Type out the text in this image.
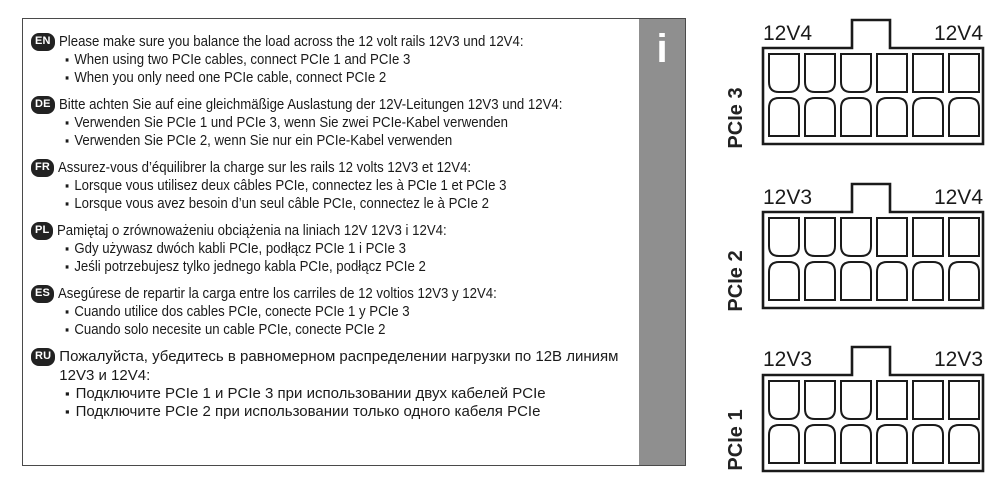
EN Please make sure you balance the load across the 12 volt rails 12V3 und 12V4:
▪ When using two PCIe cables, connect PCIe 1 and PCIe 3
▪ When you only need one PCIe cable, connect PCIe 2
DE Bitte achten Sie auf eine gleichmäßige Auslastung der 12V-Leitungen 12V3 und 12V4:
▪ Verwenden Sie PCIe 1 und PCIe 3, wenn Sie zwei PCIe-Kabel verwenden
▪ Verwenden Sie PCIe 2, wenn Sie nur ein PCIe-Kabel verwenden
FR Assurez-vous d’équilibrer la charge sur les rails 12 volts 12V3 et 12V4:
▪ Lorsque vous utilisez deux câbles PCIe, connectez les à PCIe 1 et PCIe 3
▪ Lorsque vous avez besoin d’un seul câble PCIe, connectez le à PCIe 2
PL Pamiętaj o zrównoważeniu obciążenia na liniach 12V 12V3 i 12V4:
▪ Gdy używasz dwóch kabli PCIe, podłącz PCIe 1 i PCIe 3
▪ Jeśli potrzebujesz tylko jednego kabla PCIe, podłącz PCIe 2
ES Asegúrese de repartir la carga entre los carriles de 12 voltios 12V3 y 12V4:
▪ Cuando utilice dos cables PCIe, conecte PCIe 1 y PCIe 3
▪ Cuando solo necesite un cable PCIe, conecte PCIe 2
RU Пожалуйста, убедитесь в равномерном распределении нагрузки по 12В линиям 12V3 и 12V4:
▪ Подключите PCIe 1 и PCIe 3 при использовании двух кабелей PCIe
▪ Подключите PCIe 2 при использовании только одного кабеля PCIe
i	12V4	12V4
PCIe 3
12V3	12V4
PCIe 2
12V3	12V3
PCIe 1
